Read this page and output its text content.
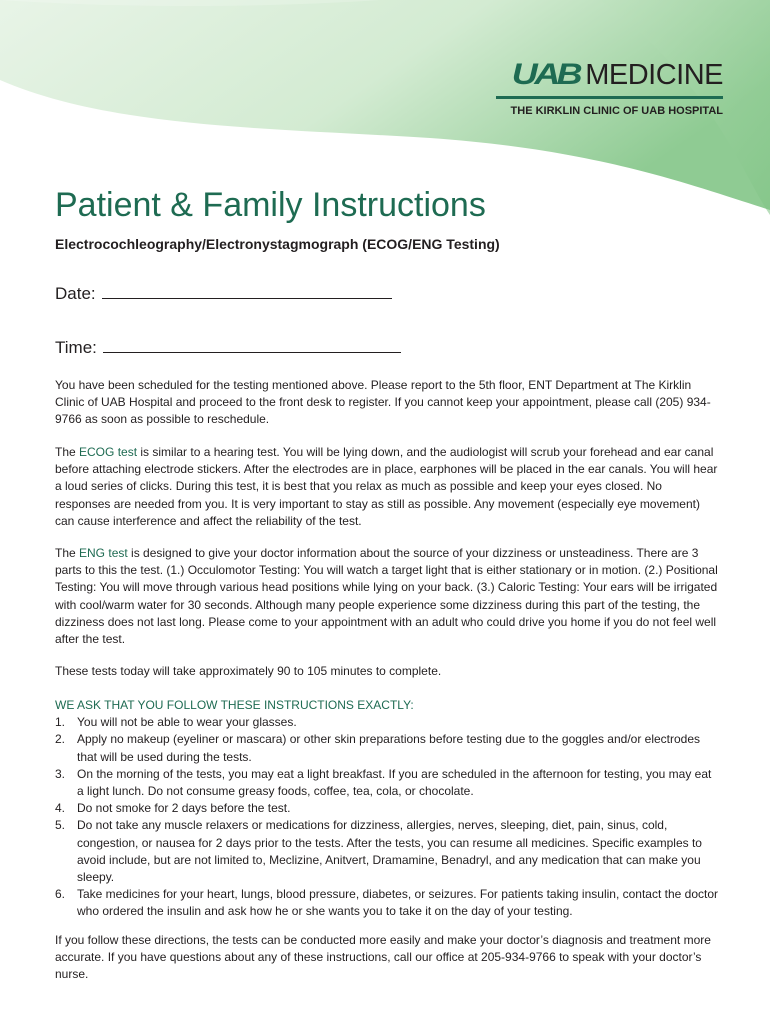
UAB MEDICINE
THE KIRKLIN CLINIC OF UAB HOSPITAL
Patient & Family Instructions
Electrocochleography/Electronystagmograph (ECOG/ENG Testing)
Date:
Time:

You have been scheduled for the testing mentioned above. Please report to the 5th floor, ENT Department at The Kirklin Clinic of UAB Hospital and proceed to the front desk to register. If you cannot keep your appointment, please call (205) 934-9766 as soon as possible to reschedule.

The ECOG test is similar to a hearing test. You will be lying down, and the audiologist will scrub your forehead and ear canal before attaching electrode stickers. After the electrodes are in place, earphones will be placed in the ear canals. You will hear a loud series of clicks. During this test, it is best that you relax as much as possible and keep your eyes closed. No responses are needed from you. It is very important to stay as still as possible. Any movement (especially eye movement) can cause interference and affect the reliability of the test.

The ENG test is designed to give your doctor information about the source of your dizziness or unsteadiness. There are 3 parts to this the test. (1.) Occulomotor Testing: You will watch a target light that is either stationary or in motion. (2.) Positional Testing: You will move through various head positions while lying on your back. (3.) Caloric Testing: Your ears will be irrigated with cool/warm water for 30 seconds. Although many people experience some dizziness during this part of the testing, the dizziness does not last long. Please come to your appointment with an adult who could drive you home if you do not feel well after the test.

These tests today will take approximately 90 to 105 minutes to complete.

WE ASK THAT YOU FOLLOW THESE INSTRUCTIONS EXACTLY:

1. You will not be able to wear your glasses.
2. Apply no makeup (eyeliner or mascara) or other skin preparations before testing due to the goggles and/or electrodes that will be used during the tests.
3. On the morning of the tests, you may eat a light breakfast. If you are scheduled in the afternoon for testing, you may eat a light lunch. Do not consume greasy foods, coffee, tea, cola, or chocolate.
4. Do not smoke for 2 days before the test.
5. Do not take any muscle relaxers or medications for dizziness, allergies, nerves, sleeping, diet, pain, sinus, cold, congestion, or nausea for 2 days prior to the tests. After the tests, you can resume all medicines. Specific examples to avoid include, but are not limited to, Meclizine, Anitvert, Dramamine, Benadryl, and any medication that can make you sleepy.
6. Take medicines for your heart, lungs, blood pressure, diabetes, or seizures. For patients taking insulin, contact the doctor who ordered the insulin and ask how he or she wants you to take it on the day of your testing.

If you follow these directions, the tests can be conducted more easily and make your doctor’s diagnosis and treatment more accurate. If you have questions about any of these instructions, call our office at 205-934-9766 to speak with your doctor’s nurse.
